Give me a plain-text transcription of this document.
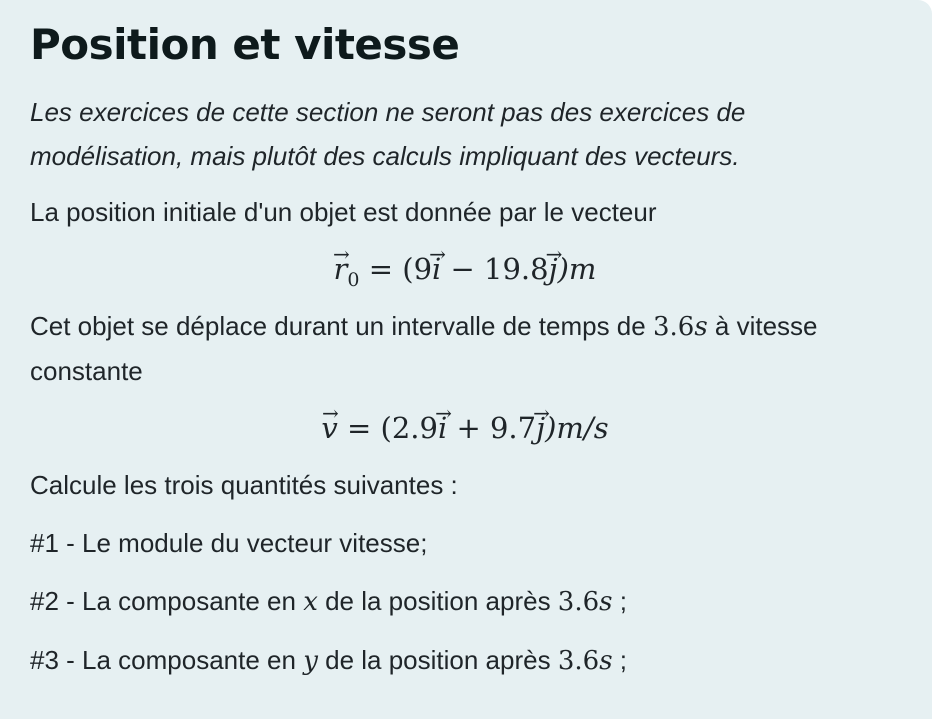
Position et vitesse

Les exercices de cette section ne seront pas des exercices de modélisation, mais plutôt des calculs impliquant des vecteurs.

La position initiale d'un objet est donnée par le vecteur

→ $r_0 = (9\to i - 19.8\to j)m$

Cet objet se déplace durant un intervalle de temps de 3.6s à vitesse constante

→ v = (2.9→ i + 9.7→ j)m/s

Calcule les trois quantités suivantes :

#1 - Le module du vecteur vitesse;

#2 - La composante en x de la position après 3.6s ;

#3 - La composante en y de la position après 3.6s ;
